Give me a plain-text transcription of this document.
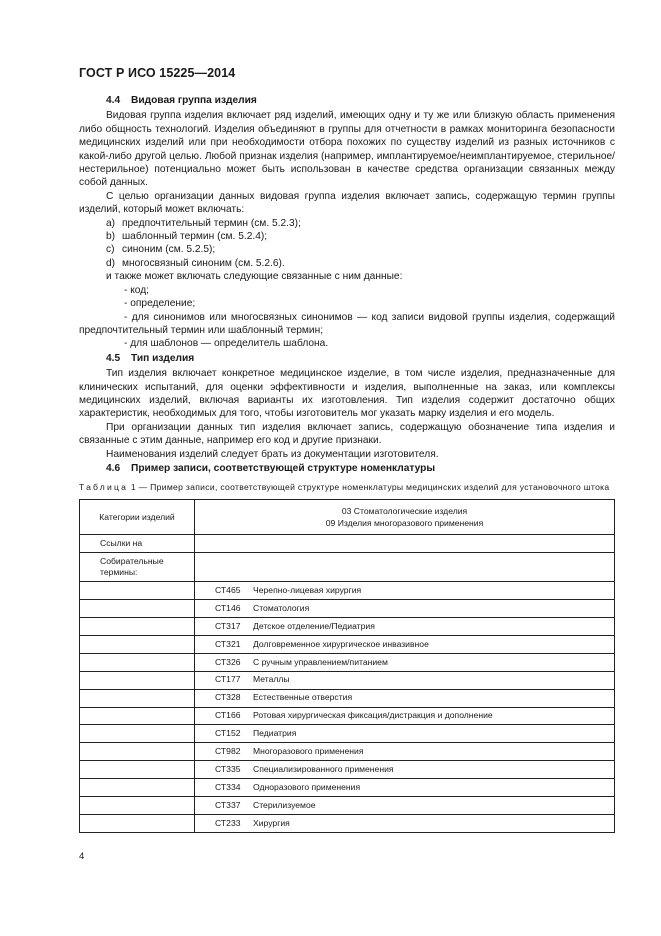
ГОСТ Р ИСО 15225—2014
4.4 Видовая группа изделия

Видовая группа изделия включает ряд изделий, имеющих одну и ту же или близкую область применения либо общность технологий. Изделия объединяют в группы для отчетности в рамках мониторинга безопасности медицинских изделий или при необходимости отбора похожих по существу изделий из разных источников с какой-либо другой целью. Любой признак изделия (например, имплантируемое/неимплантируемое, стерильное/нестерильное) потенциально может быть использован в качестве средства организации связанных между собой данных.

С целью организации данных видовая группа изделия включает запись, содержащую термин группы изделий, который может включать:

a) предпочтительный термин (см. 5.2.3);

b) шаблонный термин (см. 5.2.4);

c) синоним (см. 5.2.5);

d) многосвязный синоним (см. 5.2.6).

и также может включать следующие связанные с ним данные:

- код;

- определение;

- для синонимов или многосвязных синонимов — код записи видовой группы изделия, содержащий предпочтительный термин или шаблонный термин;

- для шаблонов — определитель шаблона.

4.5 Тип изделия

Тип изделия включает конкретное медицинское изделие, в том числе изделия, предназначенные для клинических испытаний, для оценки эффективности и изделия, выполненные на заказ, или комплексы медицинских изделий, включая варианты их изготовления. Тип изделия содержит достаточно общих характеристик, необходимых для того, чтобы изготовитель мог указать марку изделия и его модель.

При организации данных тип изделия включает запись, содержащую обозначение типа изделия и связанные с этим данные, например его код и другие признаки.

Наименования изделий следует брать из документации изготовителя.

4.6 Пример записи, соответствующей структуре номенклатуры
Таблица 1 — Пример записи, соответствующей структуре номенклатуры медицинских изделий для установочного штока
Категории изделий	03 Стоматологические изделия
09 Изделия многоразового применения

Ссылки на	

Собирательные термины:	

	СТ465 Черепно-лицевая хирургия
	СТ146 Стоматология
	СТ317 Детское отделение/Педиатрия
	СТ321 Долговременное хирургическое инвазивное
	СТ326 С ручным управлением/питанием
	СТ177 Металлы
	СТ328 Естественные отверстия
	СТ166 Ротовая хирургическая фиксация/дистракция и дополнение
	СТ152 Педиатрия
	СТ982 Многоразового применения
	СТ335 Специализированного применения
	СТ334 Одноразового применения
	СТ337 Стерилизуемое
	СТ233 Хирургия
4
